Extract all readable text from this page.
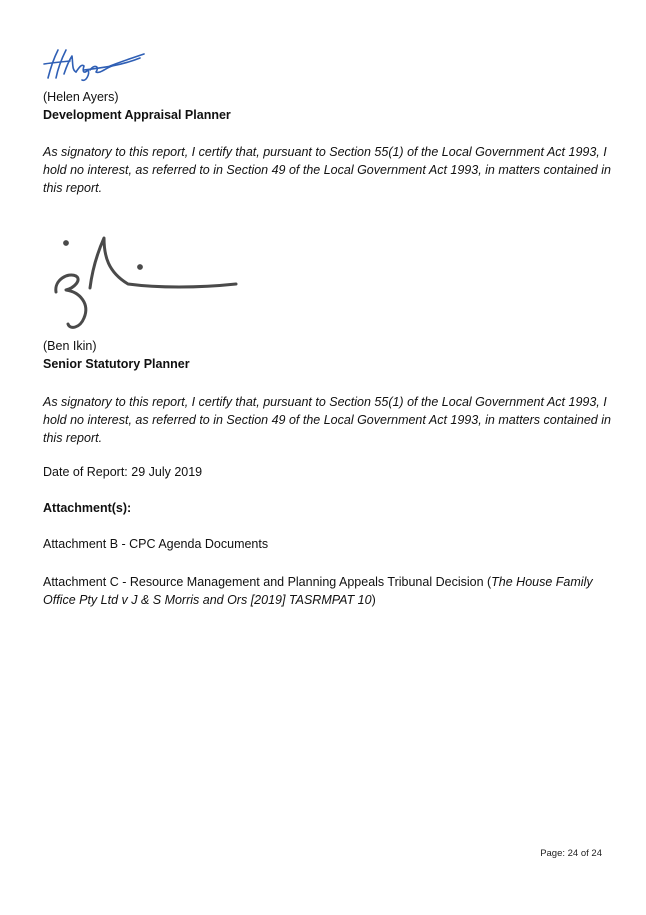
(Helen Ayers)
Development Appraisal Planner
As signatory to this report, I certify that, pursuant to Section 55(1) of the Local Government Act 1993, I hold no interest, as referred to in Section 49 of the Local Government Act 1993, in matters contained in this report.
(Ben Ikin)
Senior Statutory Planner
As signatory to this report, I certify that, pursuant to Section 55(1) of the Local Government Act 1993, I hold no interest, as referred to in Section 49 of the Local Government Act 1993, in matters contained in this report.
Date of Report: 29 July 2019
Attachment(s):
Attachment B - CPC Agenda Documents
Attachment C - Resource Management and Planning Appeals Tribunal Decision (The House Family
Office Pty Ltd v J & S Morris and Ors [2019] TASRMPAT 10)
Page: 24 of 24
